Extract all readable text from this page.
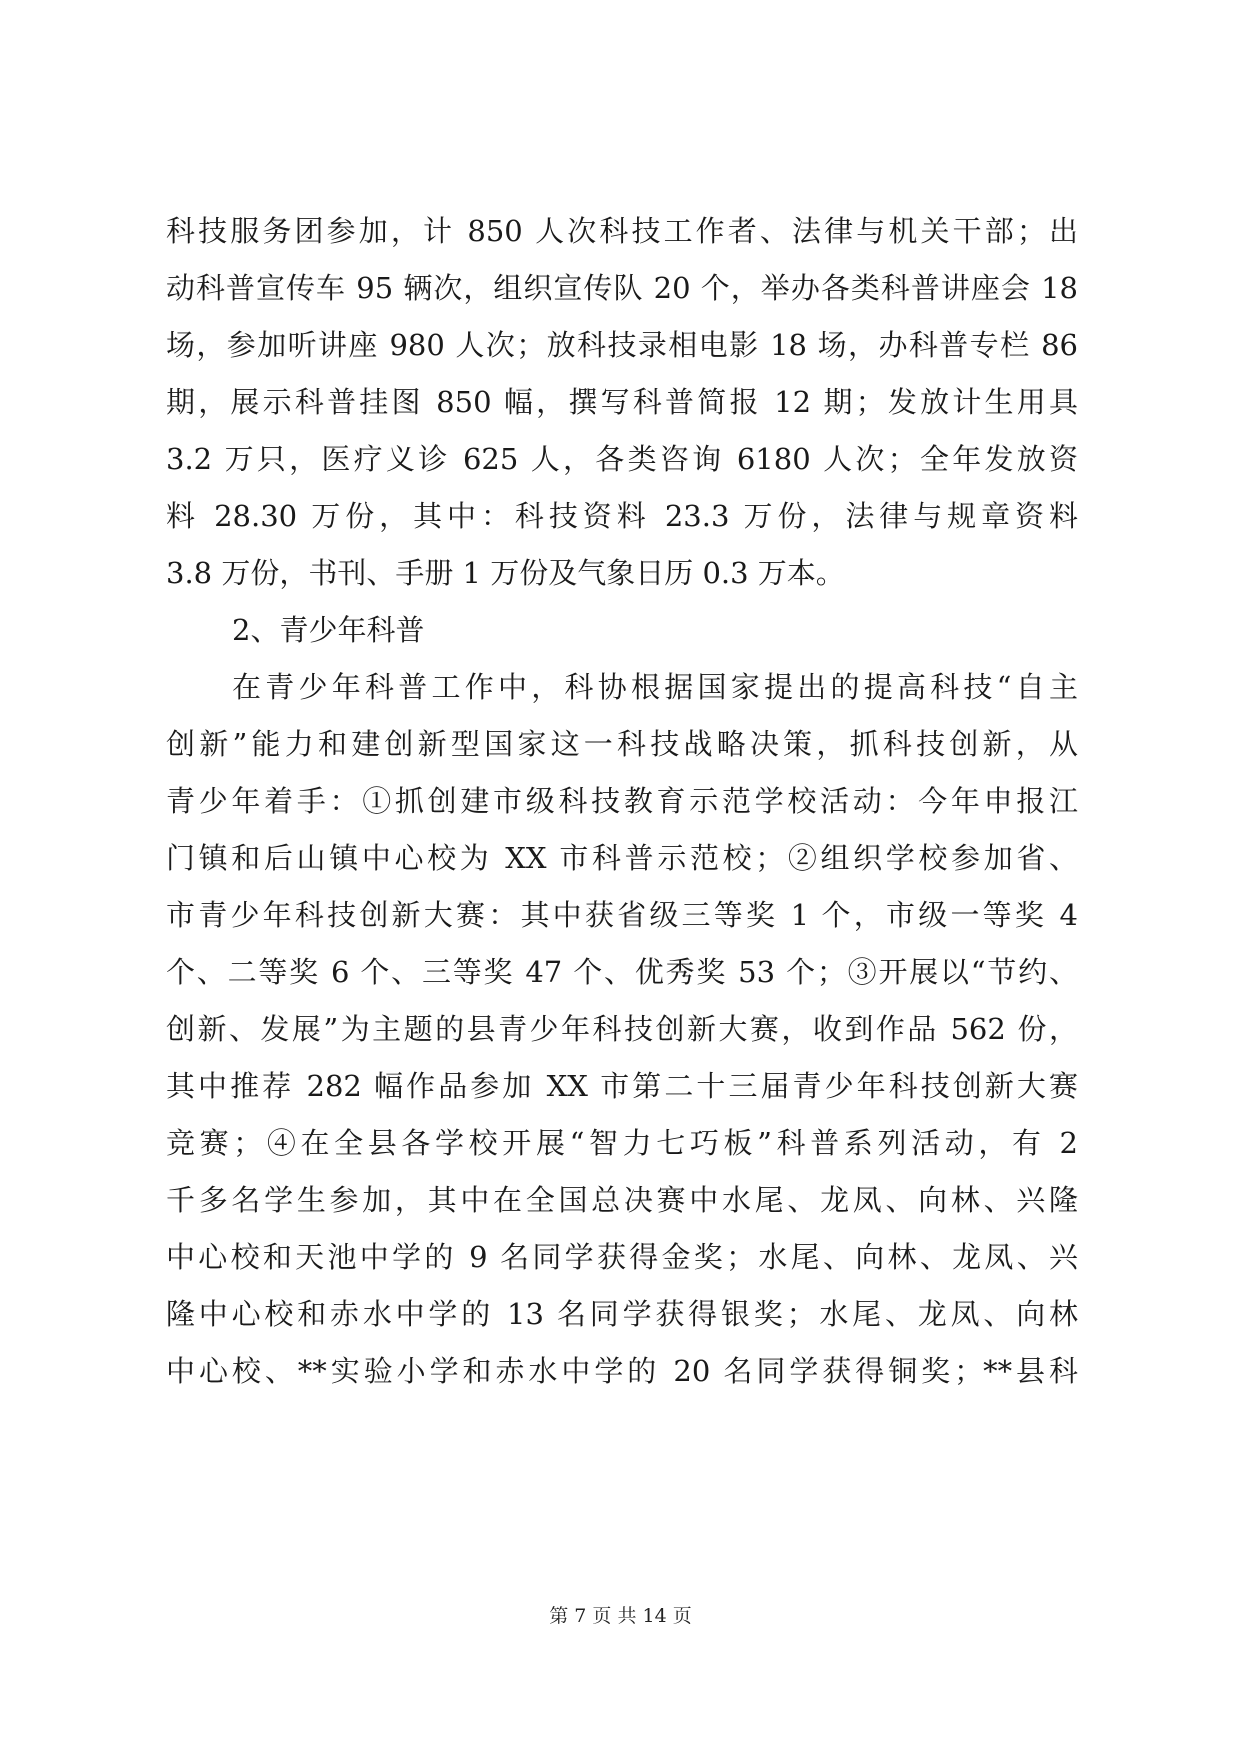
科技服务团参加，计 850 人次科技工作者、法律与机关干部；出
动科普宣传车 95 辆次，组织宣传队 20 个，举办各类科普讲座会 18
场，参加听讲座 980 人次；放科技录相电影 18 场，办科普专栏 86
期，展示科普挂图 850 幅，撰写科普简报 12 期；发放计生用具
3.2 万只，医疗义诊 625 人，各类咨询 6180 人次；全年发放资
料 28.30 万份，其中：科技资料 23.3 万份，法律与规章资料
3.8 万份，书刊、手册 1 万份及气象日历 0.3 万本。
2、青少年科普
在青少年科普工作中，科协根据国家提出的提高科技“自主
创新”能力和建创新型国家这一科技战略决策，抓科技创新，从
青少年着手：①抓创建市级科技教育示范学校活动：今年申报江
门镇和后山镇中心校为 XX 市科普示范校；②组织学校参加省、
市青少年科技创新大赛：其中获省级三等奖 1 个，市级一等奖 4
个、二等奖 6 个、三等奖 47 个、优秀奖 53 个；③开展以“节约、
创新、发展”为主题的县青少年科技创新大赛，收到作品 562 份，
其中推荐 282 幅作品参加 XX 市第二十三届青少年科技创新大赛
竞赛；④在全县各学校开展“智力七巧板”科普系列活动，有 2
千多名学生参加，其中在全国总决赛中水尾、龙凤、向林、兴隆
中心校和天池中学的 9 名同学获得金奖；水尾、向林、龙凤、兴
隆中心校和赤水中学的 13 名同学获得银奖；水尾、龙凤、向林
中心校、**实验小学和赤水中学的 20 名同学获得铜奖；**县科
第 7 页 共 14 页
